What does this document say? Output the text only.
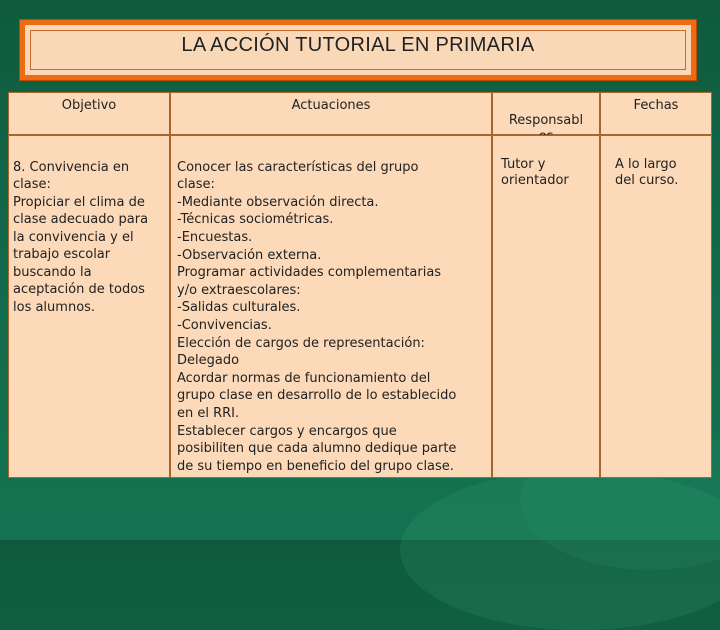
LA ACCIÓN TUTORIAL EN PRIMARIA
Objetivo	Actuaciones

Responsabl

Fechas

8. Convivencia en
clase:
Propiciar el clima de
clase adecuado para
la convivencia y el
trabajo escolar
buscando la
aceptación de todos
los alumnos.

Conocer las características del grupo
clase:
-Mediante observación directa.
-Técnicas sociométricas.
-Encuestas.
-Observación externa.
Programar actividades complementarias
y/o extraescolares:
-Salidas culturales.
-Convivencias.
Elección de cargos de representación:
Delegado
Acordar normas de funcionamiento del
grupo clase en desarrollo de lo establecido
en el RRI.
Establecer cargos y encargos que
posibiliten que cada alumno dedique parte
de su tiempo en beneficio del grupo clase.

Tutor y
orientador

A lo largo
del curso.
